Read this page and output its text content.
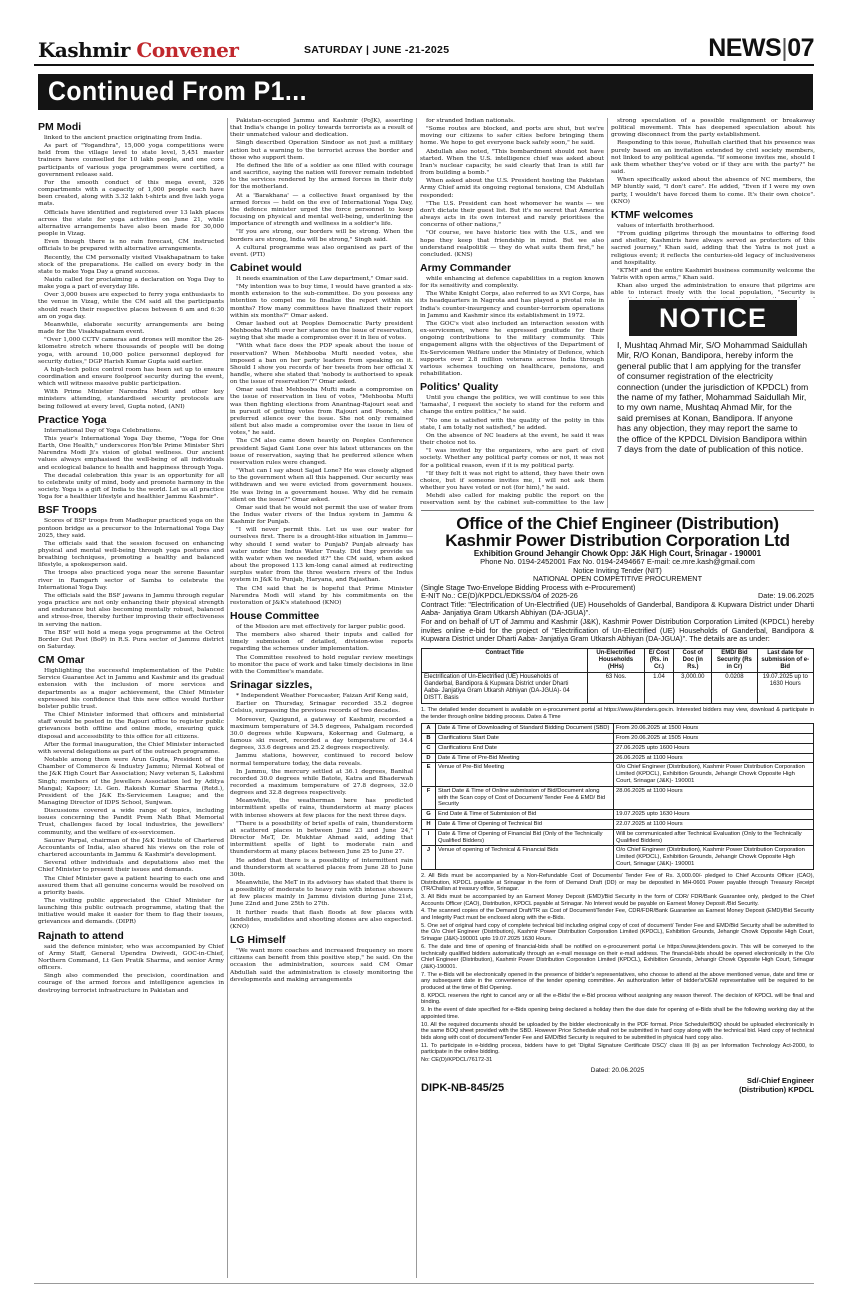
Kashmir Convener	SATURDAY | JUNE -21-2025	NEWS|07
Continued From P1...
PM Modi

linked to the ancient practice originating from India.

As part of "Yogandhra", 15,000 yoga competitions were held from the village level to state level, 5,451 master trainers have counselled for 10 lakh people, and one core participants of various yoga programmes were certified, a government release said.

For the smooth conduct of this mega event, 326 compartments with a capacity of 1,000 people each have been created, along with 3.32 lakh t-shirts and five lakh yoga mats.

Officials have identified and registered over 13 lakh places across the state for yoga activities on June 21, while alternative arrangements have also been made for 30,000 people in Vizag.

Even though there is no rain forecast, CM instructed officials to be prepared with alternative arrangements.

Recently, the CM personally visited Visakhapatnam to take stock of the preparations. He called on every body in the state to make Yoga Day a grand success.

Naidu called for proclaiming a declaration on Yoga Day to make yoga a part of everyday life.

Over 3,000 buses are expected to ferry yoga enthusiasts to the venue in Vizag, while the CM said all the participants should reach their respective places between 6 am and 6:30 am on yoga day.

Meanwhile, elaborate security arrangements are being made for the Visakhapatnam event.

"Over 1,000 CCTV cameras and drones will monitor the 26-kilometre stretch where thousands of people will be doing yoga, with around 10,000 police personnel deployed for security duties," DGP Harish Kumar Gupta said earlier.

A high-tech police control room has been set up to ensure coordination and ensure foolproof security during the event, which will witness massive public participation.

With Prime Minister Narendra Modi and other key ministers attending, standardised security protocols are being followed at every level, Gupta noted, (ANI)

Practice Yoga

International Day of Yoga Celebrations.

This year's International Yoga Day theme, "Yoga for One Earth, One Health," underscores Hon'ble Prime Minister Shri Narendra Modi Ji's vision of global wellness. Our ancient values always emphasised the well-being of all individuals and ecological balance to health and happiness through Yoga.

The decadal celebration this year is an opportunity for all to celebrate unity of mind, body and promote harmony in the society. Yoga is a gift of India to the world. Let us all practice Yoga for a healthier lifestyle and healthier Jammu Kashmir".

BSF Troops

Scores of BSF troops from Madhopur practiced yoga on the pontoon bridge as a precursor to the International Yoga Day 2025, they said.

The officials said that the session focused on enhancing physical and mental well-being through yoga postures and breathing techniques, promoting a healthy and balanced lifestyle, a spokesperson said.

The troops also practiced yoga near the serene Basantar river in Ramgarh sector of Samba to celebrate the International Yoga Day.

The officials said the BSF jawans in Jammu through regular yoga practice are not only enhancing their physical strength and endurance but also becoming mentally robust, balanced and stress-free, thereby further improving their effectiveness in serving the nation.

The BSF will hold a mega yoga programme at the Octroi Border Out Post (BoP) in R.S. Pura sector of Jammu district on Saturday.

CM Omar

Highlighting the successful implementation of the Public Service Guarantee Act in Jammu and Kashmir and its gradual extension with the inclusion of more services and departments as a major achievement, the Chief Minister expressed his confidence that this new office would further bolster public trust.

The Chief Minister informed that officers and ministerial staff would be posted in the Rajouri office to register public grievances both offline and online mode, ensuring quick disposal and accessibility to this office for all citizens.

After the formal inauguration, the Chief Minister interacted with several delegations as part of the outreach programme.

Notable among them were Arun Gupta, President of the Chamber of Commerce & Industry Jammu; Nirmal Kotwal of the J&K High Court Bar Association; Navy veteran S, Lakshmi Singh; members of the Jewellers Association led by Aditya Mangal; Kapoor; Lt. Gen. Rakesh Kumar Sharma (Retd.), President of the J&K Ex-Servicemen League; and the Managing Director of IDPS School, Sunjwan.

Discussions covered a wide range of topics, including issues concerning the Pandit Prem Nath Bhat Memorial Trust, challenges faced by local industries, the jewellers' community, and the welfare of ex-servicemen.

Saurav Parpal, chairman of the J&K Institute of Chartered Accountants of India, also shared his views on the role of chartered accountants in Jammu & Kashmir's development.

Several other individuals and deputations also met the Chief Minister to present their issues and demands.

The Chief Minister gave a patient hearing to each one and assured them that all genuine concerns would be resolved on a priority basis.

The visiting public appreciated the Chief Minister for launching this public outreach programme, stating that the initiative would make it easier for them to flag their issues, grievances and demands. (DIPR)

Rajnath to attend

said the defence minister, who was accompanied by Chief of Army Staff, General Upendra Dwivedi, GOC-in-Chief, Northern Command, Lt Gen Pratik Sharma, and senior Army officers.

Singh also commended the precision, coordination and courage of the armed forces and intelligence agencies in destroying terrorist infrastructure in Pakistan and

Pakistan-occupied Jammu and Kashmir (PoJK), asserting that India's change in policy towards terrorists as a result of their unmatched valour and dedication.

Singh described Operation Sindoor as not just a military action but a warning to the terrorist across the border and those who support them.

He defined the life of a soldier as one filled with courage and sacrifice, saying the nation will forever remain indebted to the services rendered by the armed forces in their duty for the motherland.

At a 'Barakhana' — a collective feast organised by the armed forces — held on the eve of International Yoga Day, the defence minister urged the force personnel to keep focusing on physical and mental well-being, underlining the importance of strength and wellness in a soldier's life.

"If you are strong, our borders will be strong. When the borders are strong, India will be strong," Singh said.

A cultural programme was also organised as part of the event. (PTI)

Cabinet would

It needs examination of the Law department," Omar said.

"My intention was to buy time, I would have granted a six-month extension to the sub-committee. Do you possess any intention to compel me to finalize the report within six months? How many committees have finalized their report within six months?" Omar asked.

Omar lashed out at Peoples Democratic Party president Mehbooba Mufti over her stance on the issue of reservation, saying that she made a compromise over it in lieu of votes.

"With what face does the PDP speak about the issue of reservation? When Mehbooba Mufti needed votes, she imposed a ban on her party leaders from speaking on it. Should I show you records of her tweets from her official X handle, where she stated that 'nobody is authorised to speak on the issue of reservation'?" Omar asked.

Omar said that Mehbooba Mufti made a compromise on the issue of reservation in lieu of votes, "Mehbooba Mufti was then fighting elections from Anantnag-Rajouri seat and in pursuit of getting votes from Rajouri and Poonch, she preferred silence over the issue. She not only remained silent but also made a compromise over the issue in lieu of votes," he said.

The CM also came down heavily on Peoples Conference president Sajad Gani Lone over his latest utterances on the issue of reservation, saying that he preferred silence when reservation rules were changed.

"What can I say about Sajad Lone? He was closely aligned to the government when all this happened. Our security was withdrawn and we were evicted from government houses. He was living in a government house. Why did he remain silent on the issue?" Omar asked.

Omar said that he would not permit the use of water from the Indus water rivers of the Indus system in Jammu & Kashmir for Punjab.

"I will never permit this. Let us use our water for ourselves first. There is a drought-like situation in Jammu—why should I send water to Punjab? Punjab already has water under the Indus Water Treaty. Did they provide us with water when we needed it?" the CM said, when asked about the proposed 113 km-long canal aimed at redirecting surplus water from the three western rivers of the Indus system in J&K to Punjab, Haryana, and Rajasthan.

The CM said that he is hopeful that Prime Minister Narendra Modi will stand by his commitments on the restoration of J&K's statehood (KNO)

House Committee

of the Mission are met effectively for larger public good.

The members also shared their inputs and called for timely submission of detailed, division-wise reports regarding the schemes under implementation.

The Committee resolved to hold regular review meetings to monitor the pace of work and take timely decisions in line with the Committee's mandate.

Srinagar sizzles,

* Independent Weather Forecaster, Faizan Arif Keng said,

Earlier on Thursday, Srinagar recorded 35.2 degree Celsius, surpassing the previous records of two decades.

Moreover, Qazigund, a gateway of Kashmir, recorded a maximum temperature of 34.5 degrees, Pahalgam recorded 30.0 degrees while Kupwara, Kokernag and Gulmarg, a famous ski resort, recorded a day temperature of 34.4 degrees, 33.6 degrees and 25.2 degrees respectively.

Jammu stations, however, continued to record below normal temperature today, the data reveals.

In Jammu, the mercury settled at 36.1 degrees, Banihal recorded 30.0 degrees while Batote, Katra and Bhaderwah recorded a maximum temperature of 27.8 degrees, 32.0 degrees and 32.8 degrees respectively.

Meanwhile, the weatherman here has predicted intermittent spells of rains, thunderstorm at many places with intense showers at few places for the next three days.

"There is a possibility of brief spells of rain, thunderstorm at scattered places in between June 23 and June 24," Director MeT, Dr. Mukhtar Ahmad said, adding that intermittent spells of light to moderate rain and thunderstorm at many places between June 25 to June 27.

He added that there is a possibility of intermittent rain and thunderstorm at scattered places from June 28 to June 30th.

Meanwhile, the MeT in its advisory has stated that there is a possibility of moderate to heavy rain with intense showers at few places mainly in Jammu division during June 21st, June 22nd and June 25th to 27th.

It further reads that flash floods at few places with landslides, mudslides and shooting stones are also expected. (KNO)

LG Himself

"We want more coaches and increased frequency so more citizens can benefit from this positive step," he said. On the occasion the administration, sources said CM Omar Abdullah said the administration is closely monitoring the developments and making arrangements

for stranded Indian nationals.

"Some routes are blocked, and ports are shut, but we're moving our citizens to safer cities before bringing them home. We hope to get everyone back safely soon," he said.

Abdullah also noted, "This bombardment should not have started. When the U.S. intelligence chief was asked about Iran's nuclear capacity, he said clearly that Iran is still far from building a bomb."

When asked about the U.S. President hosting the Pakistan Army Chief amid its ongoing regional tensions, CM Abdullah responded:

"The U.S. President can host whomever he wants — we don't dictate their guest list. But it's no secret that America always acts in its own interest and rarely prioritises the concerns of other nations,"

"Of course, we have historic ties with the U.S., and we hope they keep that friendship in mind. But we also understand realpolitik — they do what suits them first," he concluded. (KNS)

Army Commander

while enhancing at defence capabilities in a region known for its sensitivity and complexity.

The White Knight Corps, also referred to as XVI Corps, has its headquarters in Nagrota and has played a pivotal role in India's counter-insurgency and counter-terrorism operations in Jammu and Kashmir since its establishment in 1972.

The GOC's visit also included an interaction session with ex-servicemen, where he expressed gratitude for their ongoing contributions to the military community. This engagement aligns with the objectives of the Department of Ex-Servicemen Welfare under the Ministry of Defence, which supports over 2.8 million veterans across India through various schemes touching on healthcare, pensions, and rehabilitation.

Politics' Quality

Until you change the politics, we will continue to see this 'tamasha', I request the society to stand for the reform and change the entire politics," he said.

"No one is satisfied with the quality of the polity in this state, I am totally not satisfied," he added.

On the absence of NC leaders at the event, he said it was their choice not to.

"I was invited by the organizers, who are part of civil society. Whether any political party comes or not, it was not for a political reason, even if it is my political party.

"If they felt it was not right to attend, they have their own choice, but if someone invites me, I will not ask them whether you have voted or not (for him)," he said.

Mehdi also called for making public the report on the reservation sent by the cabinet sub-committee to the law

strong speculation of a possible realignment or breakaway political movement. This has deepened speculation about his growing disconnect from the party establishment.

Responding to this issue, Ruhullah clarified that his presence was purely based on an invitation extended by civil society members, not linked to any political agenda. "If someone invites me, should I ask them whether they've voted or if they are with the party?" he said.

When specifically asked about the absence of NC members, the MP bluntly said, "I don't care". He added, "Even if I were my own party, I wouldn't have forced them to come. It's their own choice". (KNO)

KTMF welcomes

values of interfaith brotherhood.

"From guiding pilgrims through the mountains to offering food and shelter, Kashmiris have always served as protectors of this sacred journey," Khan said, adding that the Yatra is not just a religious event; it reflects the centuries-old legacy of inclusiveness and hospitality.

"KTMF and the entire Kashmiri business community welcome the Yatris with open arms," Khan said.

Khan also urged the administration to ensure that pilgrims are able to interact freely with the local population, "Security is

NOTICE
I, Mushtaq Ahmad Mir, S/O Mohammad Saidullah Mir, R/O Konan, Bandipora, hereby inform the general public that I am applying for the transfer of consumer registration of the electricity connection (under the jurisdiction of KPDCL) from the name of my father, Mohammad Saidullah Mir, to my own name, Mushtaq Ahmad Mir, for the said premises at Konan, Bandipora. If anyone has any objection, they may report the same to the office of the KPDCL Division Bandipora within 7 days from the date of publication of this notice.
Office of the Chief Engineer (Distribution)
Kashmir Power Distribution Corporation Ltd
Exhibition Ground Jehangir Chowk Opp: J&K High Court, Srinagar - 190001
Phone No. 0194-2452001 Fax No. 0194-2494667 E-mail: ce.mre.kash@gmail.com
Notice Inviting Tender (NIT)
NATIONAL OPEN COMPETITIVE PROCUREMENT
(Single Stage Two-Envelope Bidding Process with e-Procurement)
E-NIT No.: CE(D)/KPDCL/EDKSS/04 of 2025-26	Date: 19.06.2025

Contract Title: "Electrification of Un-Electrified (UE) Households of Ganderbal, Bandipora & Kupwara District under Dharti Aaba- Janjatiya Gram Utkarsh Abhiyan (DA-JGUA)".

For and on behalf of UT of Jammu and Kashmir (J&K), Kashmir Power Distribution Corporation Limited (KPDCL) hereby invites online e-bid for the project of "Electrification of Un-Electrified (UE) Households of Ganderbal, Bandipora & Kupwara District under Dharti Aaba- Janjatiya Gram Utkarsh Abhiyan (DA-JGUA)". The details are as under:

Contract Title	Un-Electrified Households (HHs)	E/ Cost (Rs. in Cr.)	Cost of Doc (in Rs.)	EMD/ Bid Security (Rs in Cr)	Last date for submission of e-Bid
Electrification of Un-Electrified (UE) Households of Ganderbal, Bandipora & Kupwara District under Dharti Aaba- Janjatiya Gram Utkarsh Abhiyan (DA-JGUA)- 04 DISTT. Basis	63 Nos.	1.04	3,000.00	0.0208	19.07.2025 up to 1630 Hours
1. The detailed tender document is available on e-procurement portal at https://www.jktenders.gov.in. Interested bidders may view, download & participate in the tender through online bidding process. Dates & Time
A	Date & Time of Downloading of Standard Bidding Document (SBD)	From 20.06.2025 at 1500 Hours
B	Clarifications Start Date	From 20.06.2025 at 1505 Hours
C	Clarifications End Date	27.06.2025 upto 1600 Hours
D	Date & Time of Pre-Bid Meeting	26.06.2025 at 1100 Hours
E	Venue of Pre-Bid Meeting	O/o Chief Engineer (Distribution), Kashmir Power Distribution Corporation Limited (KPDCL), Exhibition Grounds, Jehangir Chowk Opposite High Court, Srinagar (J&K)- 190001
F	Start Date & Time of Online submission of Bid/Document along with the Scan copy of Cost of Document/ Tender Fee & EMD/ Bid Security	28.06.2025 at 1100 Hours
G	End Date & Time of Submission of Bid	19.07.2025 upto 1630 Hours
H	Date & Time of Opening of Technical Bid	22.07.2025 at 1100 Hours
I	Date & Time of Opening of Financial Bid (Only of the Technically Qualified Bidders)	Will be communicated after Technical Evaluation (Only to the Technically Qualified Bidders)
J	Venue of opening of Technical & Financial Bids	O/o Chief Engineer (Distribution), Kashmir Power Distribution Corporation Limited (KPDCL), Exhibition Grounds, Jehangir Chowk Opposite High Court, Srinagar (J&K)- 190001

2. All Bids must be accompanied by a Non-Refundable Cost of Documents/ Tender Fee of Rs. 3,000.00/- pledged to Chief Accounts Officer (CAO), Distribution, KPDCL payable at Srinagar in the form of Demand Draft (DD) or may be deposited in MH-0601 Power payable through Treasury Receipt (TR/Challan at treasury office, Srinagar.

3. All Bids must be accompanied by an Earnest Money Deposit (EMD)/Bid Security in the form of CDR/ FDR/Bank Guarantee only, pledged to the Chief Accounts Officer (CAO), Distribution, KPDCL payable at Srinagar. No Interest would be payable on Earnest Money Deposit /Bid Security.

4. The scanned copies of the Demand Draft/TR as Cost of Document/Tender Fee, CDR/FDR/Bank Guarantee as Earnest Money Deposit (EMD)/Bid Security and Integrity Pact must be enclosed along with the e-Bids.

5. One set of original hard copy of complete technical bid including original copy of cost of document/ Tender Fee and EMD/Bid Security shall be submitted to the O/o Chief Engineer (Distribution), Kashmir Power Distribution Corporation Limited (KPDCL), Exhibition Grounds, Jehangir Chowk Opposite High Court, Srinagar (J&K)-190001 upto 19.07.2025 1630 Hours.

6. The date and time of opening of financial-bids shall be notified on e-procurement portal i.e https://www.jktenders.gov.in. This will be conveyed to the technically qualified bidders automatically through an e-mail message on their e-mail address. The financial-bids should be opened electronically in the O/o Chief Engineer (Distribution), Kashmir Power Distribution Corporation Limited (KPDCL), Exhibition Grounds, Jehangir Chowk Opposite High Court, Srinagar (J&K)-190001.

7. The e-Bids will be electronically opened in the presence of bidder's representatives, who choose to attend at the above mentioned venue, date and time or any subsequent date in the convenience of the tender opening committee. An authorization letter of bidder's/OEM representative will be required to be produced at the time of Bid Opening.

8. KPDCL reserves the right to cancel any or all the e-Bids/ the e-Bid process without assigning any reason thereof. The decision of KPDCL will be final and binding.

9. In the event of date specified for e-Bids opening being declared a holiday then the due date for opening of e-Bids shall be the following working day at the appointed time.

10. All the required documents should be uploaded by the bidder electronically in the PDF format. Price Schedule/BOQ should be uploaded electronically in the same BOQ sheet provided with the SBD. However Price Schedule shall not be submitted in hard copy along with the technical bid. Hard copy of technical bids along with cost of document/Tender Fee and EMD/Bid Security is required to be submitted in physical hard copy also.

11. To participate in e-bidding process, bidders have to get 'Digital Signature Certificate DSC)' class III (b) as per Information Technology Act-2000, to participate in the online bidding.

No: CE(D)/KPDCL/76172-31

Dated: 20.06.2025
DIPK-NB-845/25
Sd/-Chief Engineer
(Distribution) KPDCL
